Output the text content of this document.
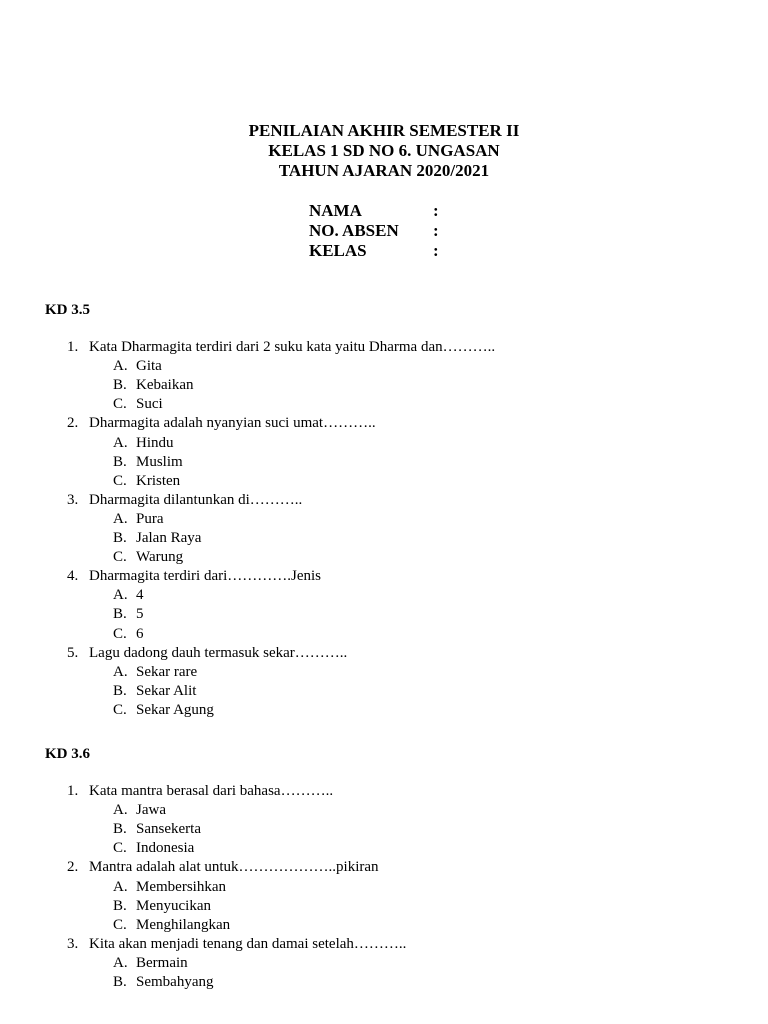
PENILAIAN AKHIR SEMESTER II
KELAS 1 SD NO 6. UNGASAN
TAHUN AJARAN 2020/2021
NAMA	:
NO. ABSEN :
KELAS	:
KD 3.5
1. Kata Dharmagita terdiri dari 2 suku kata yaitu Dharma dan………..
A. Gita
B. Kebaikan
C. Suci
2. Dharmagita adalah nyanyian suci umat………..
A. Hindu
B. Muslim
C. Kristen
3. Dharmagita dilantunkan di………..
A. Pura
B. Jalan Raya
C. Warung
4. Dharmagita terdiri dari………….Jenis
A. 4
B. 5
C. 6
5. Lagu dadong dauh termasuk sekar………..
A. Sekar rare
B. Sekar Alit
C. Sekar Agung
KD 3.6
1. Kata mantra berasal dari bahasa………..
A. Jawa
B. Sansekerta
C. Indonesia
2. Mantra adalah alat untuk………………..pikiran
A. Membersihkan
B. Menyucikan
C. Menghilangkan
3. Kita akan menjadi tenang dan damai setelah………..
A. Bermain
B. Sembahyang
